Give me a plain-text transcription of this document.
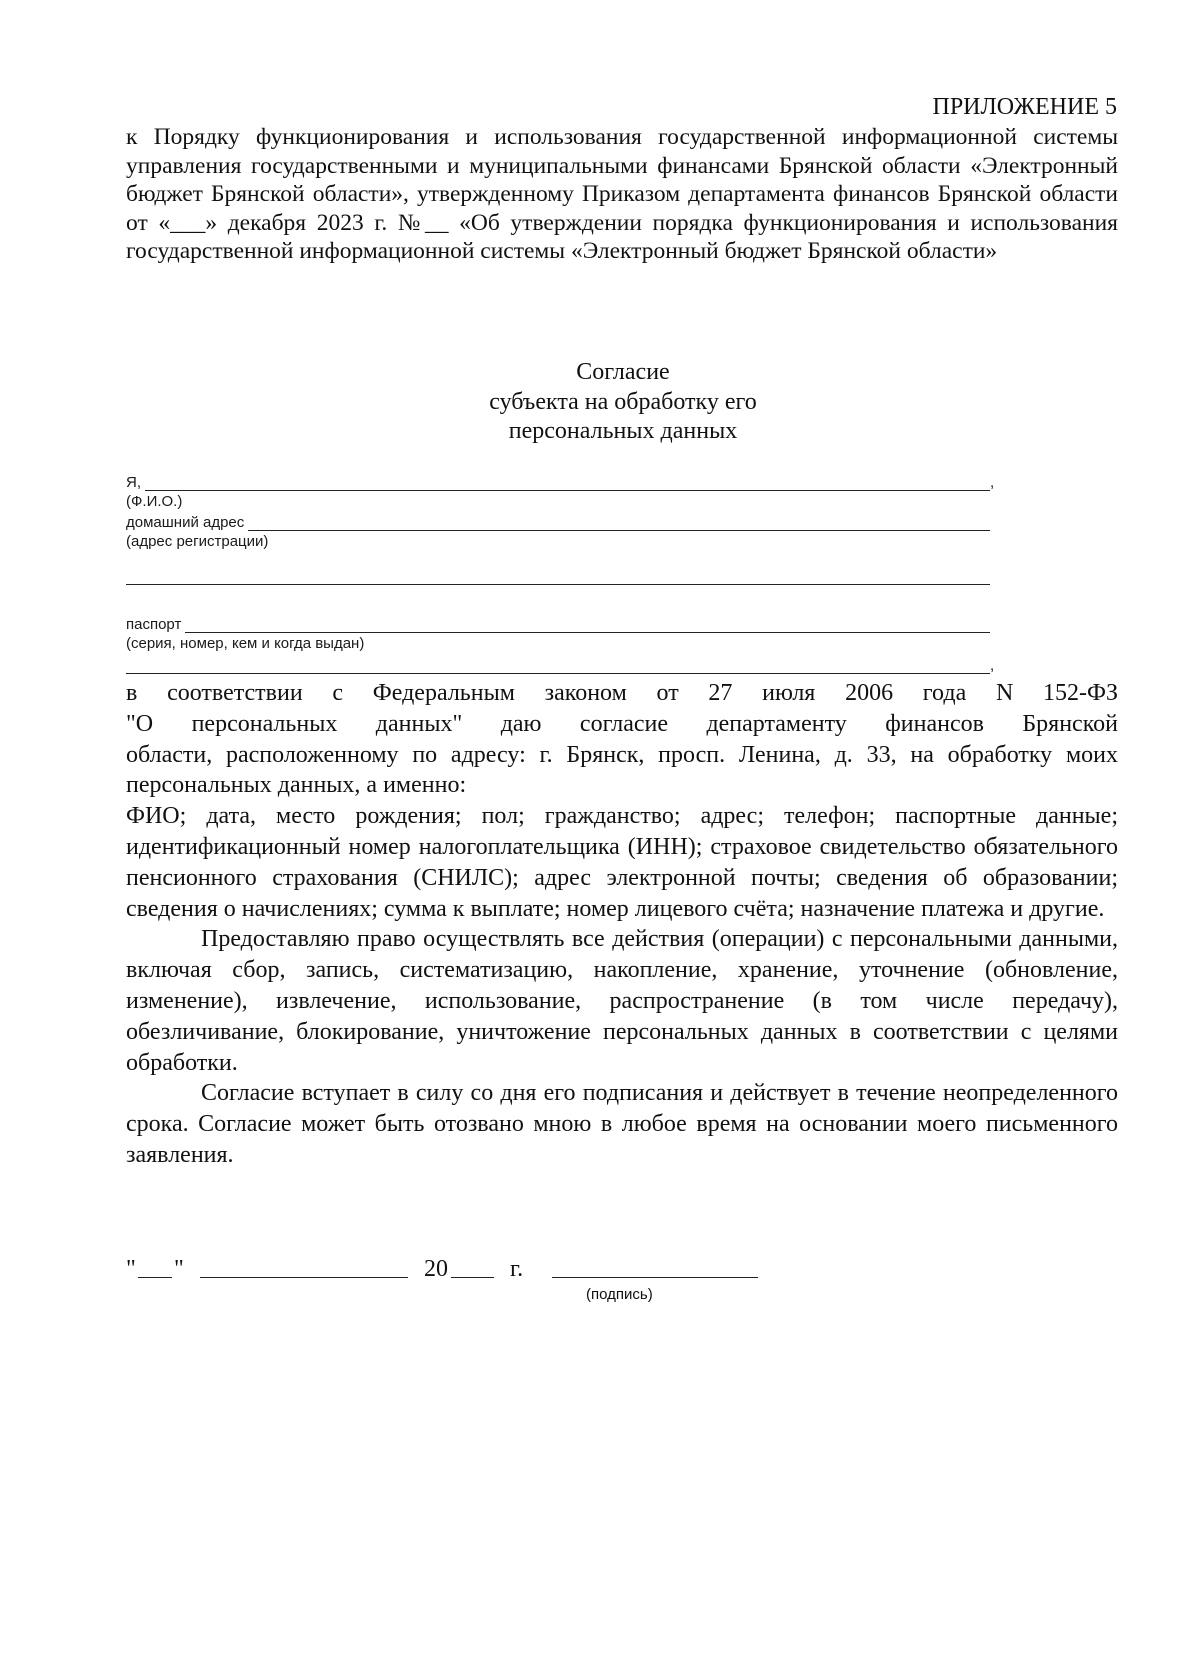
ПРИЛОЖЕНИЕ 5
к Порядку функционирования и использования государственной информационной системы управления государственными и муниципальными финансами Брянской области «Электронный бюджет Брянской области», утвержденному Приказом департамента финансов Брянской области от «___» декабря 2023 г. №__ «Об утверждении порядка функционирования и использования государственной информационной системы «Электронный бюджет Брянской области»
Согласие
субъекта на обработку его
персональных данных
Я,	,
(Ф.И.О.)
домашний адрес
(адрес регистрации)
паспорт
(серия, номер, кем и когда выдан)
,

в соответствии с Федеральным законом от 27 июля 2006 года N 152-ФЗ

"О персональных данных" даю согласие департаменту финансов Брянской

области, расположенному по адресу: г. Брянск, просп. Ленина, д. 33, на обработку моих персональных данных, а именно:

ФИО; дата, место рождения; пол; гражданство; адрес; телефон; паспортные данные; идентификационный номер налогоплательщика (ИНН); страховое свидетельство обязательного пенсионного страхования (СНИЛС); адрес электронной почты; сведения об образовании; сведения о начислениях; сумма к выплате; номер лицевого счёта; назначение платежа и другие.

Предоставляю право осуществлять все действия (операции) с персональными данными, включая сбор, запись, систематизацию, накопление, хранение, уточнение (обновление, изменение), извлечение, использование, распространение (в том числе передачу), обезличивание, блокирование, уничтожение персональных данных в соответствии с целями обработки.

Согласие вступает в силу со дня его подписания и действует в течение неопределенного срока. Согласие может быть отозвано мною в любое время на основании моего письменного заявления.

" "	20	г.
(подпись)
